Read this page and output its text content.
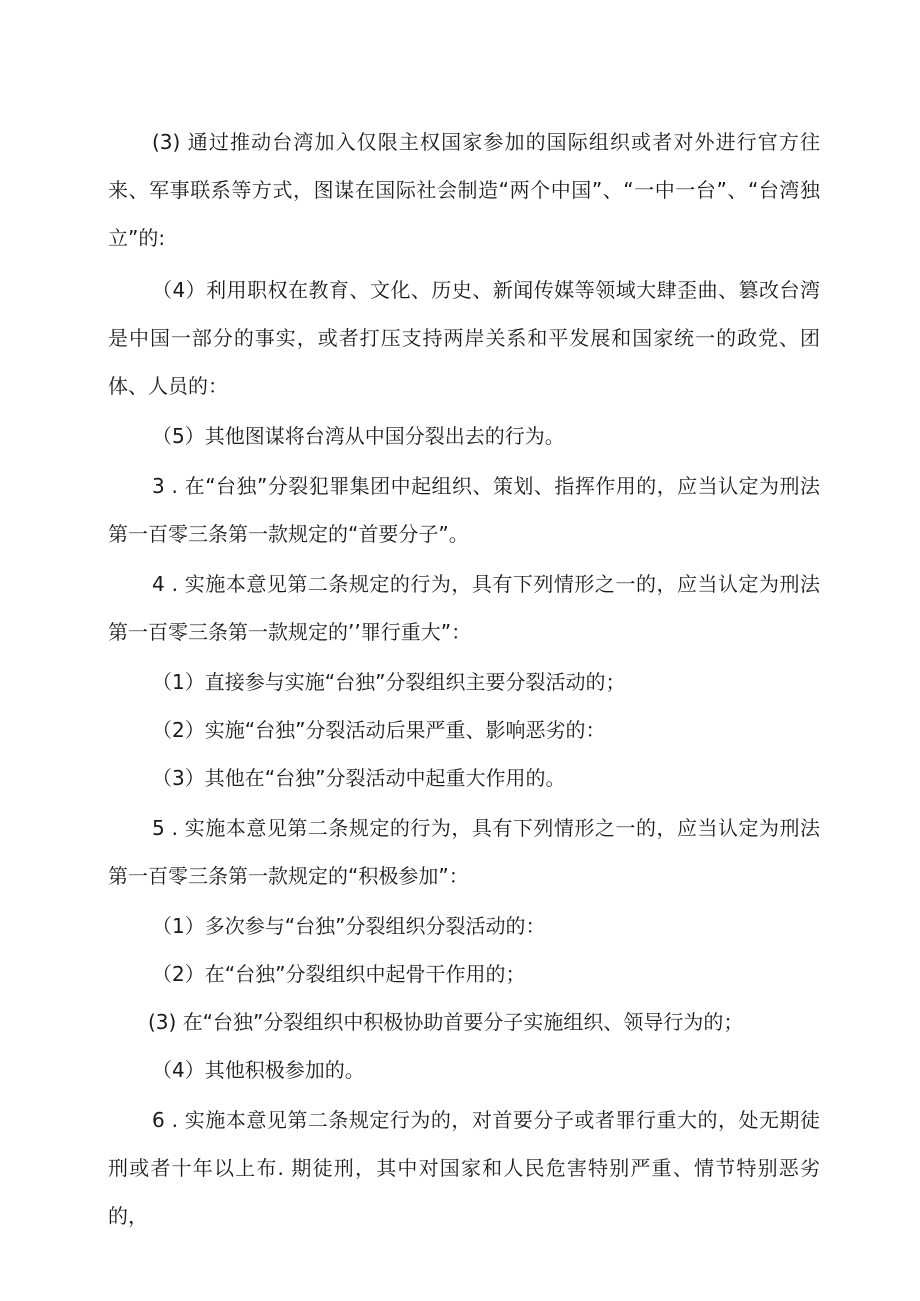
(3) 通过推动台湾加入仅限主权国家参加的国际组织或者对外进行官方往来、军事联系等方式，图谋在国际社会制造“两个中国”、“一中一台”、“台湾独立”的:

（4）利用职权在教育、文化、历史、新闻传媒等领域大肆歪曲、篡改台湾是中国一部分的事实，或者打压支持两岸关系和平发展和国家统一的政党、团体、人员的：

（5）其他图谋将台湾从中国分裂出去的行为。

3 . 在“台独”分裂犯罪集团中起组织、策划、指挥作用的，应当认定为刑法第一百零三条第一款规定的“首要分子”。

4 . 实施本意见第二条规定的行为，具有下列情形之一的，应当认定为刑法第一百零三条第一款规定的’’罪行重大”：

（1）直接参与实施“台独”分裂组织主要分裂活动的；

（2）实施“台独”分裂活动后果严重、影响恶劣的：

（3）其他在“台独”分裂活动中起重大作用的。

5 . 实施本意见第二条规定的行为，具有下列情形之一的，应当认定为刑法第一百零三条第一款规定的“积极参加”：

（1）多次参与“台独”分裂组织分裂活动的：

（2）在“台独”分裂组织中起骨干作用的；

(3) 在“台独”分裂组织中积极协助首要分子实施组织、领导行为的；

（4）其他积极参加的。

6 . 实施本意见第二条规定行为的，对首要分子或者罪行重大的，处无期徒刑或者十年以上布. 期徒刑，其中对国家和人民危害特别严重、情节特别恶劣的，
